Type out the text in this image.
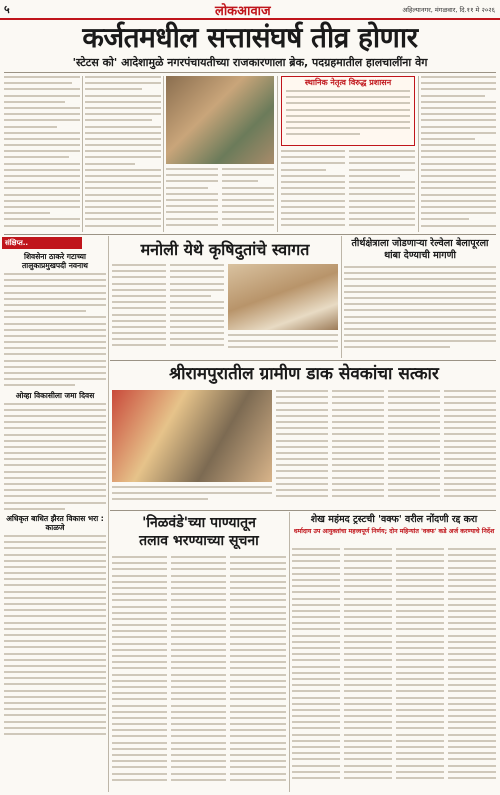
५	लोकआवाज	अहिल्यानगर, मंगळवार, दि.११ मे २०२६
कर्जतमधील सत्तासंघर्ष तीव्र होणार
'स्टेटस को' आदेशामुळे नगरपंचायतीच्या राजकारणाला ब्रेक, पदग्रहमातील हालचालींना वेग
स्थानिक नेतृत्व विरुद्ध प्रशासन
संक्षिप्त..
शिवसेना ठाकरे गटाच्या तालुकाप्रमुखपदी नवनाथ
ओव्हा विकासीला जमा दिवस
अधिकृत बाधित झैरत विकास भरा : काळजे
मनोली येथे कृषिदुतांचे स्वागत	तीर्थक्षेत्राला जोडणाऱ्या रेल्वेला बेलापूरला थांबा देण्याची मागणी
श्रीरामपुरातील ग्रामीण डाक सेवकांचा सत्कार
'निळवंडे'च्या पाण्यातून
तलाव भरण्याच्या सूचना
शेख महंमद ट्रस्टची 'वक्फ' वरील नोंदणी रद्द करा
धर्मादाय उप आयुक्तांचा महत्त्वपूर्ण निर्णय; दोन महिन्यांत 'वक्फ' कडे अर्ज करण्याचे निर्देश
